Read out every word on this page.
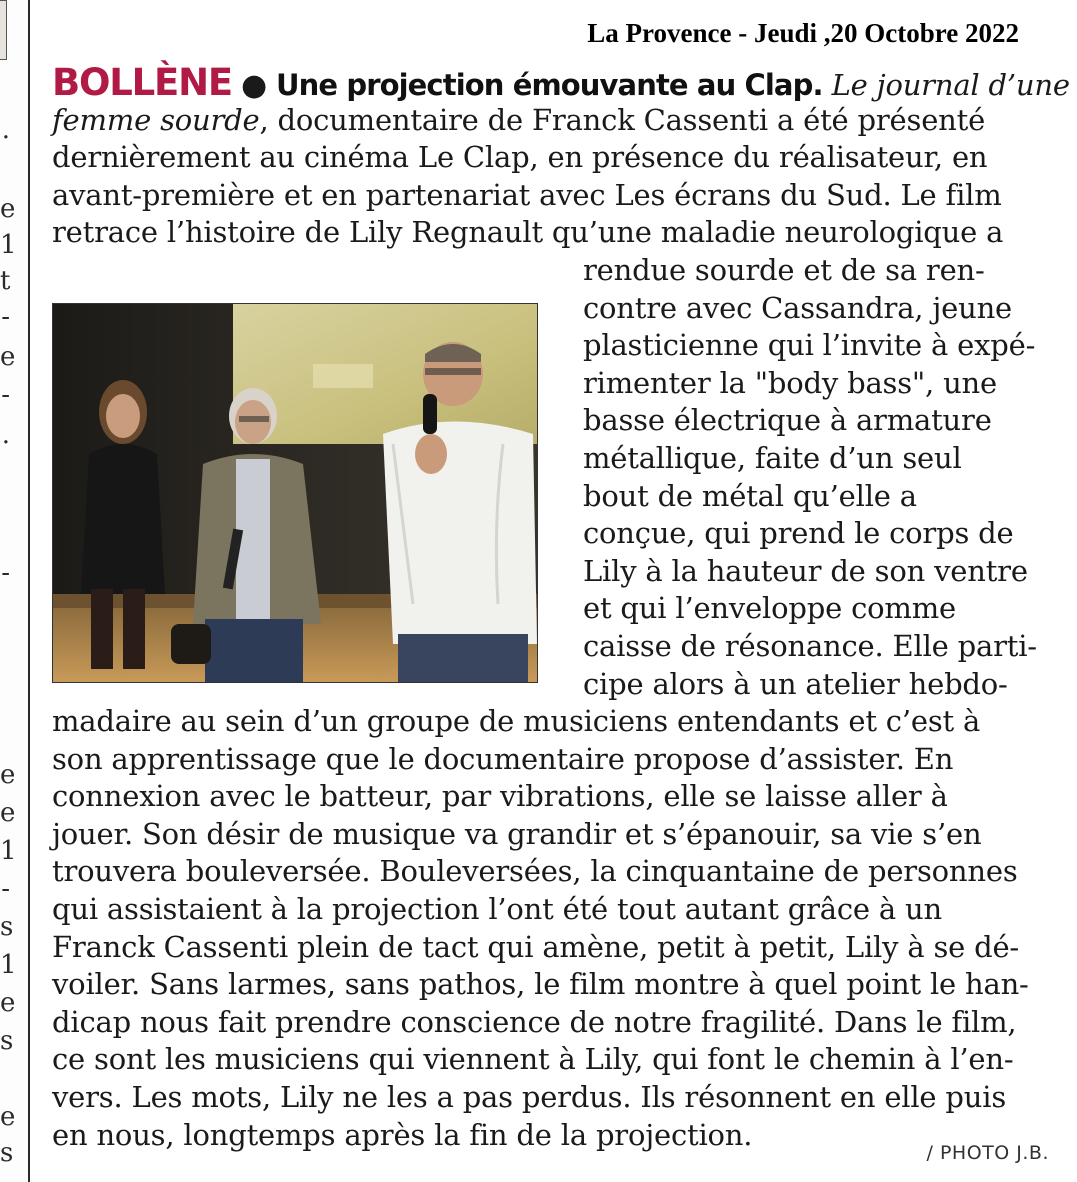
.
e
1
t
-
e
-
.
-
e
e
1
-
s
1
e
s
e
s
La Provence - Jeudi ,20 Octobre 2022
BOLLÈNE ● Une projection émouvante au Clap. Le journal d’une
femme sourde, documentaire de Franck Cassenti a été présenté
dernièrement au cinéma Le Clap, en présence du réalisateur, en
avant-première et en partenariat avec Les écrans du Sud. Le film
retrace l’histoire de Lily Regnault qu’une maladie neurologique a
rendue sourde et de sa ren-
contre avec Cassandra, jeune
plasticienne qui l’invite à expé-
rimenter la "body bass", une
basse électrique à armature
métallique, faite d’un seul
bout de métal qu’elle a
conçue, qui prend le corps de
Lily à la hauteur de son ventre
et qui l’enveloppe comme
caisse de résonance. Elle parti-
cipe alors à un atelier hebdo-
madaire au sein d’un groupe de musiciens entendants et c’est à
son apprentissage que le documentaire propose d’assister. En
connexion avec le batteur, par vibrations, elle se laisse aller à
jouer. Son désir de musique va grandir et s’épanouir, sa vie s’en
trouvera bouleversée. Bouleversées, la cinquantaine de personnes
qui assistaient à la projection l’ont été tout autant grâce à un
Franck Cassenti plein de tact qui amène, petit à petit, Lily à se dé-
voiler. Sans larmes, sans pathos, le film montre à quel point le han-
dicap nous fait prendre conscience de notre fragilité. Dans le film,
ce sont les musiciens qui viennent à Lily, qui font le chemin à l’en-
vers. Les mots, Lily ne les a pas perdus. Ils résonnent en elle puis
en nous, longtemps après la fin de la projection.
/ PHOTO J.B.
